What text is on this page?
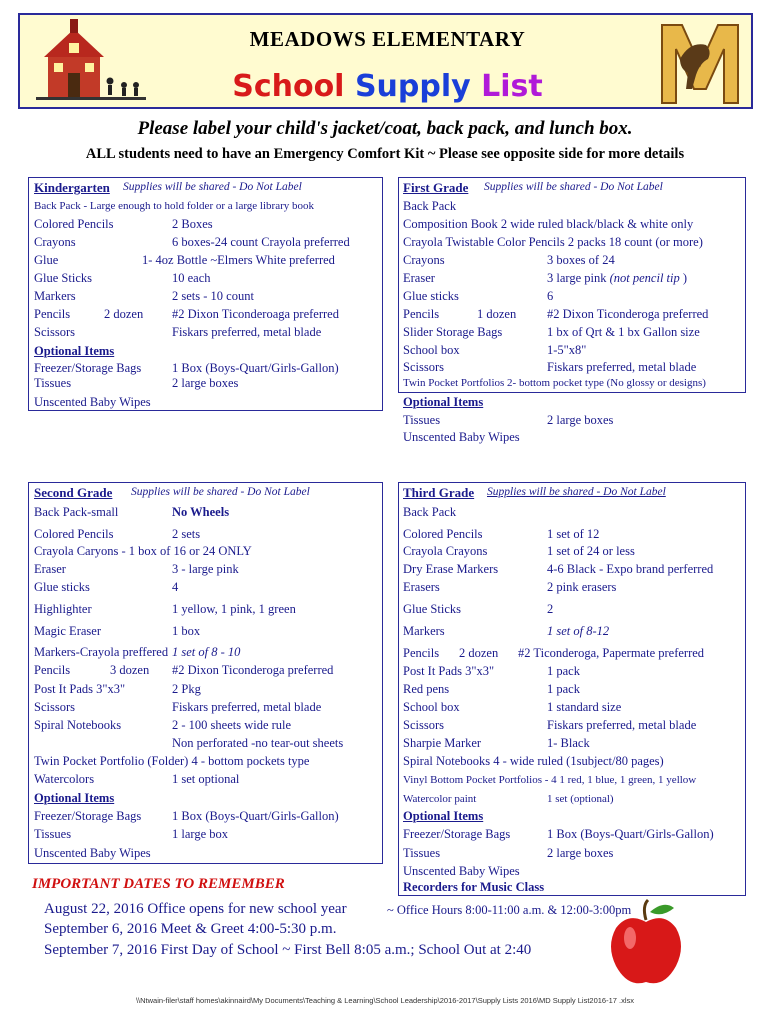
MEADOWS ELEMENTARY
School Supply List
Please label your child's jacket/coat, back pack, and lunch box.
ALL students need to have an Emergency Comfort Kit ~ Please see opposite side for more details
Kindergarten Supplies will be shared - Do Not Label
Back Pack - Large enough to hold folder or a large library book
Colored Pencils	2 Boxes
Crayons	6 boxes-24 count Crayola preferred
Glue	1- 4oz Bottle ~Elmers White preferred
Glue Sticks	10 each
Markers	2 sets - 10 count
Pencils	2 dozen #2 Dixon Ticonderoaga preferred
Scissors	Fiskars preferred, metal blade
Optional Items
Freezer/Storage Bags 1 Box (Boys-Quart/Girls-Gallon)
Tissues	2 large boxes
Unscented Baby Wipes
First Grade Supplies will be shared - Do Not Label
Back Pack
Composition Book 2 wide ruled black/black & white only
Crayola Twistable Color Pencils 2 packs 18 count (or more)
Crayons	3 boxes of 24
Eraser	3 large pink (not pencil tip )
Glue sticks	6
Pencils	1 dozen #2 Dixon Ticonderoga preferred
Slider Storage Bags	1 bx of Qrt & 1 bx Gallon size
School box	1-5"x8"
Scissors	Fiskars preferred, metal blade
Twin Pocket Portfolios 2- bottom pocket type (No glossy or designs)
Optional Items
Tissues	2 large boxes
Unscented Baby Wipes
Second Grade Supplies will be shared - Do Not Label
Back Pack-small	No Wheels
Colored Pencils	2 sets
Crayola Caryons - 1 box of 16 or 24 ONLY
Eraser	3 - large pink
Glue sticks	4
Highlighter	1 yellow, 1 pink, 1 green
Magic Eraser	1 box
Markers-Crayola preffered 1 set of 8 - 10
Pencils	3 dozen #2 Dixon Ticonderoga preferred
Post It Pads 3"x3"	2 Pkg
Scissors	Fiskars preferred, metal blade
Spiral Notebooks	2 - 100 sheets wide rule
Non perforated -no tear-out sheets
Twin Pocket Portfolio (Folder) 4 - bottom pockets type
Watercolors	1 set optional
Optional Items
Freezer/Storage Bags 1 Box (Boys-Quart/Girls-Gallon)
Tissues	1 large box
Unscented Baby Wipes
Third Grade Supplies will be shared - Do Not Label
Back Pack
Colored Pencils	1 set of 12
Crayola Crayons	1 set of 24 or less
Dry Erase Markers	4-6 Black - Expo brand perferred
Erasers	2 pink erasers
Glue Sticks	2
Markers	1 set of 8-12
Pencils 2 dozen #2 Ticonderoga, Papermate preferred
Post It Pads 3"x3"	1 pack
Red pens	1 pack
School box	1 standard size
Scissors	Fiskars preferred, metal blade
Sharpie Marker	1- Black
Spiral Notebooks 4 - wide ruled (1subject/80 pages)
Vinyl Bottom Pocket Portfolios - 4 1 red, 1 blue, 1 green, 1 yellow
Watercolor paint	1 set (optional)
Optional Items
Freezer/Storage Bags	1 Box (Boys-Quart/Girls-Gallon)
Tissues	2 large boxes
Unscented Baby Wipes
Recorders for Music Class
IMPORTANT DATES TO REMEMBER
August 22, 2016 Office opens for new school year	~ Office Hours 8:00-11:00 a.m. & 12:00-3:00pm
September 6, 2016 Meet & Greet 4:00-5:30 p.m.
September 7, 2016 First Day of School ~ First Bell 8:05 a.m.; School Out at 2:40
\\Ntwain-filer\staff homes\akinnaird\My Documents\Teaching & Learning\School Leadership\2016-2017\Supply Lists 2016\MD Supply List2016-17 .xlsx
